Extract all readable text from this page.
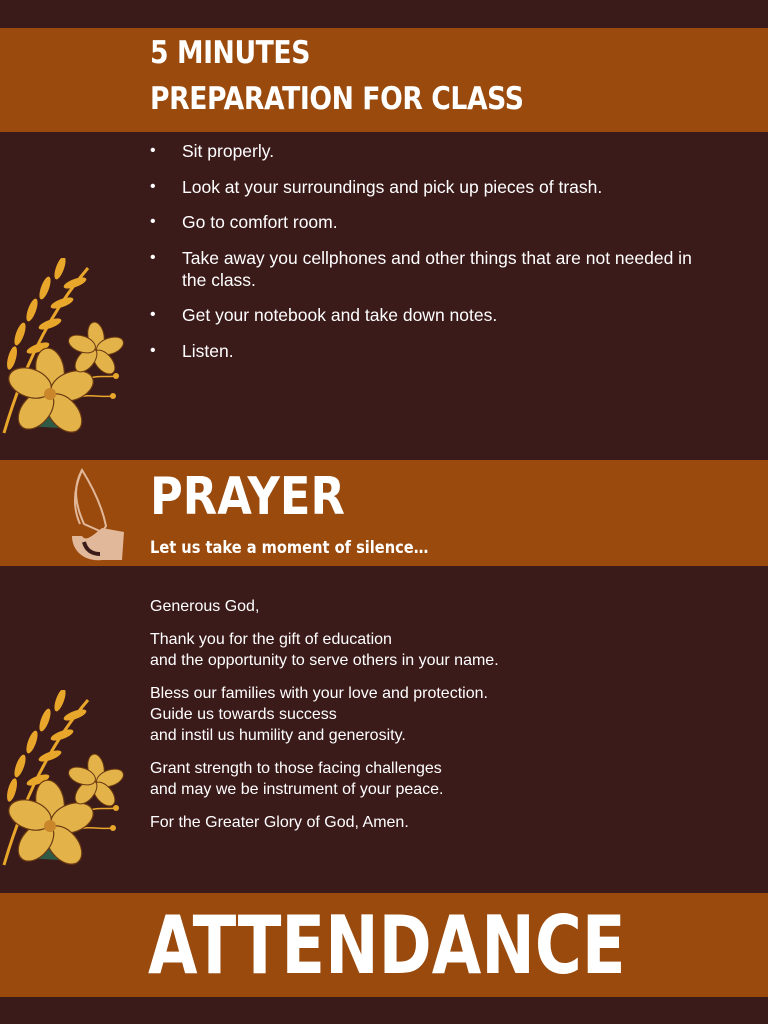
5 MINUTES
PREPARATION FOR CLASS
• Sit properly.
• Look at your surroundings and pick up pieces of trash.
• Go to comfort room.
• Take away you cellphones and other things that are not needed in the class.
• Get your notebook and take down notes.
• Listen.
PRAYER
Let us take a moment of silence…

Generous God,

Thank you for the gift of education
and the opportunity to serve others in your name.

Bless our families with your love and protection.
Guide us towards success
and instil us humility and generosity.

Grant strength to those facing challenges
and may we be instrument of your peace.

For the Greater Glory of God, Amen.

ATTENDANCE
